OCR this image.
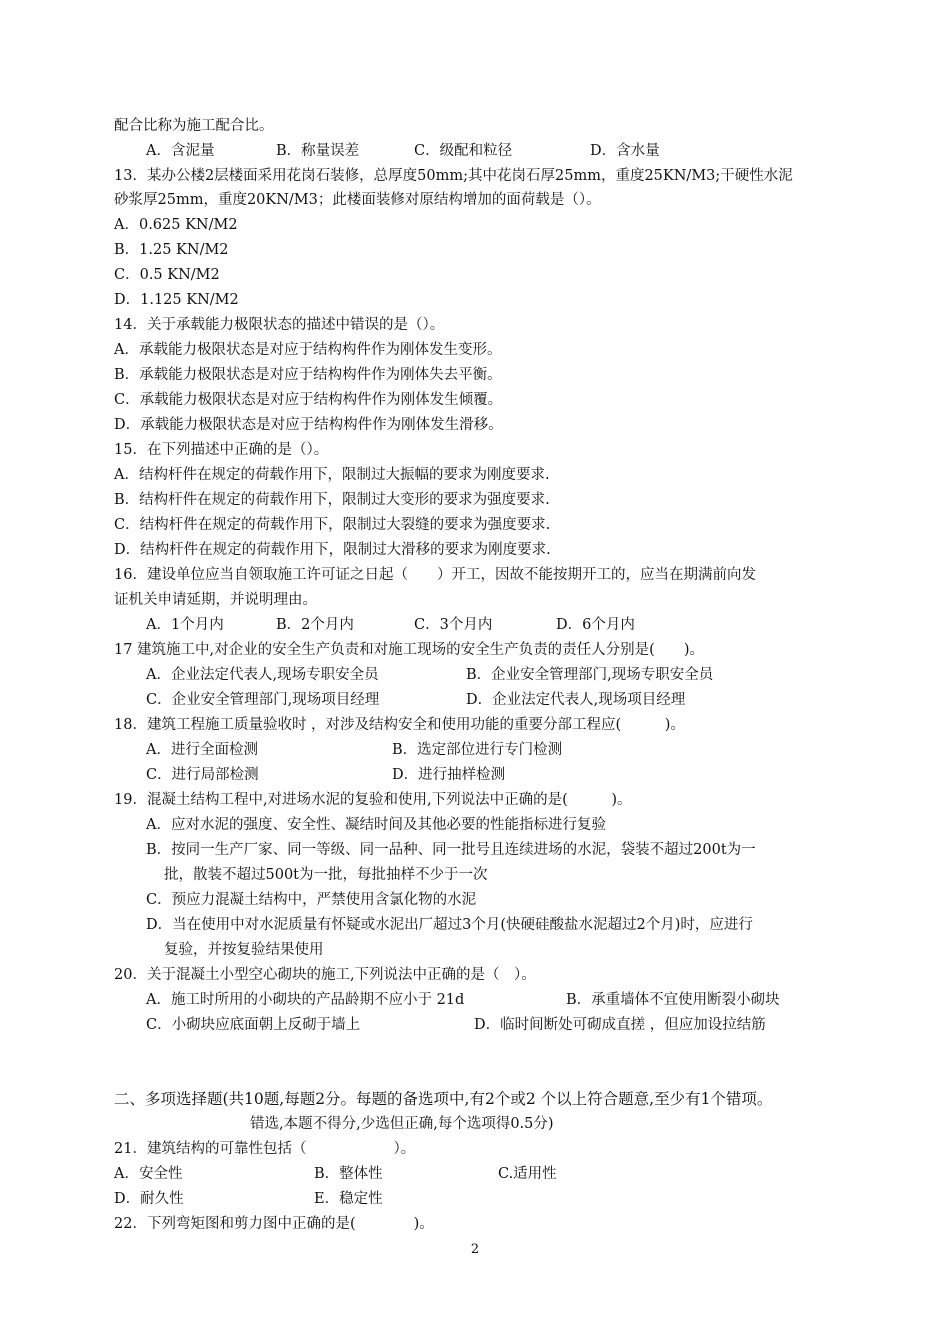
配合比称为施工配合比。
A．含泥量	B．称量误差	C．级配和粒径	D．含水量
13．某办公楼2层楼面采用花岗石装修，总厚度50mm;其中花岗石厚25mm，重度25KN/M3;干硬性水泥
砂浆厚25mm，重度20KN/M3；此楼面装修对原结构增加的面荷载是（）。
A．0.625 KN/M2
B．1.25 KN/M2
C．0.5 KN/M2
D．1.125 KN/M2
14．关于承载能力极限状态的描述中错误的是（）。
A．承载能力极限状态是对应于结构构件作为刚体发生变形。
B．承载能力极限状态是对应于结构构件作为刚体失去平衡。
C．承载能力极限状态是对应于结构构件作为刚体发生倾覆。
D．承载能力极限状态是对应于结构构件作为刚体发生滑移。
15．在下列描述中正确的是（）。
A．结构杆件在规定的荷载作用下，限制过大振幅的要求为刚度要求.
B．结构杆件在规定的荷载作用下，限制过大变形的要求为强度要求.
C．结构杆件在规定的荷载作用下，限制过大裂缝的要求为强度要求.
D．结构杆件在规定的荷载作用下，限制过大滑移的要求为刚度要求.
16．建设单位应当自领取施工许可证之日起（　　）开工，因故不能按期开工的，应当在期满前向发
证机关申请延期，并说明理由。
A．1个月内	B．2个月内	C．3个月内	D．6个月内
17 建筑施工中,对企业的安全生产负责和对施工现场的安全生产负责的责任人分别是(　　)。
A．企业法定代表人,现场专职安全员	B．企业安全管理部门,现场专职安全员
C．企业安全管理部门,现场项目经理	D．企业法定代表人,现场项目经理
18．建筑工程施工质量验收时 ，对涉及结构安全和使用功能的重要分部工程应(　　　)。
A．进行全面检测	B．选定部位进行专门检测
C．进行局部检测	D．进行抽样检测
19．混凝土结构工程中,对进场水泥的复验和使用,下列说法中正确的是(　　　)。
A．应对水泥的强度、安全性、凝结时间及其他必要的性能指标进行复验
B．按同一生产厂家、同一等级、同一品种、同一批号且连续进场的水泥，袋装不超过200t为一
批，散装不超过500t为一批，每批抽样不少于一次
C．预应力混凝土结构中，严禁使用含氯化物的水泥
D．当在使用中对水泥质量有怀疑或水泥出厂超过3个月(快硬硅酸盐水泥超过2个月)时，应进行
复验，并按复验结果使用
20．关于混凝土小型空心砌块的施工,下列说法中正确的是（　）。
A．施工时所用的小砌块的产品龄期不应小于 21d	B．承重墙体不宜使用断裂小砌块
C．小砌块应底面朝上反砌于墙上	D．临时间断处可砌成直搓 ，但应加设拉结筋
二、多项选择题(共10题,每题2分。每题的备选项中,有2个或2 个以上符合题意,至少有1个错项。
错选,本题不得分,少选但正确,每个选项得0.5分)
21．建筑结构的可靠性包括（　　　　　　）。
A．安全性	B．整体性	C.适用性
D．耐久性	E．稳定性
22．下列弯矩图和剪力图中正确的是(　　　　)。
2
